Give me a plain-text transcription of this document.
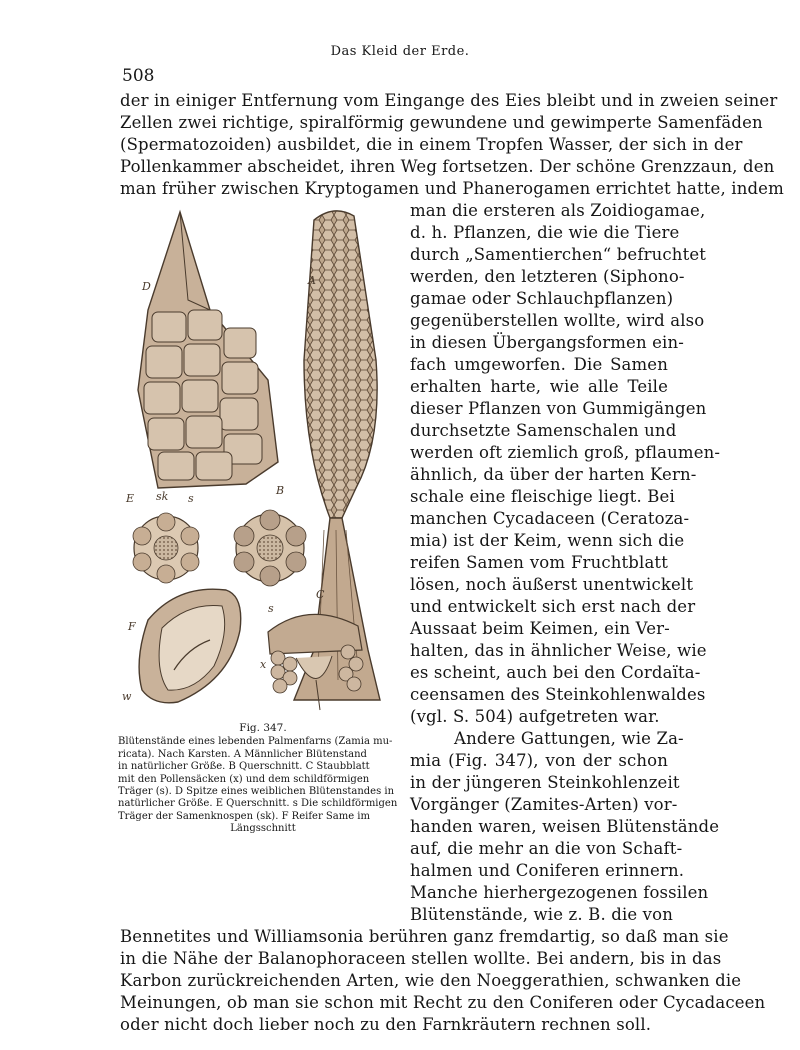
Das Kleid der Erde.
508
der in einiger Entfernung vom Eingange des Eies bleibt und in zweien seiner
Zellen zwei richtige, spiralförmig gewundene und gewimperte Samenfäden
(Spermatozoiden) ausbildet, die in einem Tropfen Wasser, der sich in der
Pollenkammer abscheidet, ihren Weg fortsetzen. Der schöne Grenzzaun, den
man früher zwischen Kryptogamen und Phanerogamen errichtet hatte, indem
man die ersteren als Zoidiogamae,
d. h. Pflanzen, die wie die Tiere
durch „Samentierchen“ befruchtet
werden, den letzteren (Siphono-
gamae oder Schlauchpflanzen)
gegenüberstellen wollte, wird also
in diesen Übergangsformen ein-
fach umgeworfen. Die Samen
erhalten harte, wie alle Teile
dieser Pflanzen von Gummigängen
durchsetzte Samenschalen und
werden oft ziemlich groß, pflaumen-
ähnlich, da über der harten Kern-
schale eine fleischige liegt. Bei
manchen Cycadaceen (Ceratoza-
mia) ist der Keim, wenn sich die
reifen Samen vom Fruchtblatt
lösen, noch äußerst unentwickelt
und entwickelt sich erst nach der
Aussaat beim Keimen, ein Ver-
halten, das in ähnlicher Weise, wie
es scheint, auch bei den Cordaïta-
ceensamen des Steinkohlenwaldes
(vgl. S. 504) aufgetreten war.
Andere Gattungen, wie Za-
mia (Fig. 347), von der schon
in der jüngeren Steinkohlenzeit
Vorgänger (Zamites-Arten) vor-
handen waren, weisen Blütenstände
auf, die mehr an die von Schaft-
halmen und Coniferen erinnern.
Manche hierhergezogenen fossilen
Blütenstände, wie z. B. die von
Bennetites und Williamsonia berühren ganz fremdartig, so daß man sie
in die Nähe der Balanophoraceen stellen wollte. Bei andern, bis in das
Karbon zurückreichenden Arten, wie den Noeggerathien, schwanken die
Meinungen, ob man sie schon mit Recht zu den Coniferen oder Cycadaceen
oder nicht doch lieber noch zu den Farnkräutern rechnen soll.
D	A
E sk s
B
F
w
C
s
x
Fig. 347.
Blütenstände eines lebenden Palmenfarns (Zamia mu-
ricata). Nach Karsten. A Männlicher Blütenstand
in natürlicher Größe. B Querschnitt. C Staubblatt
mit den Pollensäcken (x) und dem schildförmigen
Träger (s). D Spitze eines weiblichen Blütenstandes in
natürlicher Größe. E Querschnitt. s Die schildförmigen
Träger der Samenknospen (sk). F Reifer Same im
Längsschnitt
